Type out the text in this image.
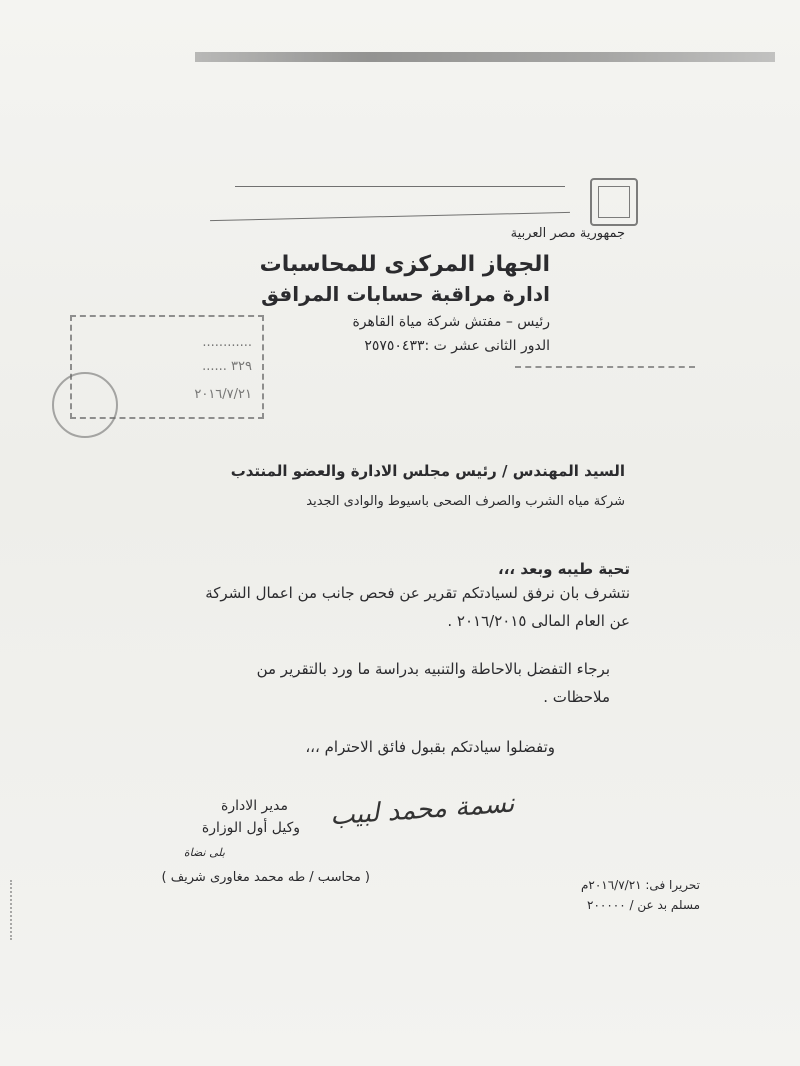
جمهورية مصر العربية
الجهاز المركزى للمحاسبات
ادارة مراقبة حسابات المرافق
رئيس – مفتش شركة مياة القاهرة
الدور الثانى عشر ت :٢٥٧٥٠٤٣٣
............
٣٢٩ ......
٢٠١٦/٧/٢١
السيد المهندس / رئيس مجلس الادارة والعضو المنتدب
شركة مياه الشرب والصرف الصحى باسيوط والوادى الجديد
تحية طيبه وبعد ،،،
نتشرف بان نرفق لسيادتكم تقرير عن فحص جانب من اعمال الشركة
عن العام المالى ٢٠١٦/٢٠١٥ .
برجاء التفضل بالاحاطة والتنبيه بدراسة ما ورد بالتقرير من
ملاحظات .
وتفضلوا سيادتكم بقبول فائق الاحترام ،،،
مدير الادارة
وكيل أول الوزارة نسمة محمد لبيب
بلى نضاة
( محاسب / طه محمد مغاورى شريف )	تحريرا فى: ٢٠١٦/٧/٢١م
مسلم بد عن / ٢٠٠٠٠٠
